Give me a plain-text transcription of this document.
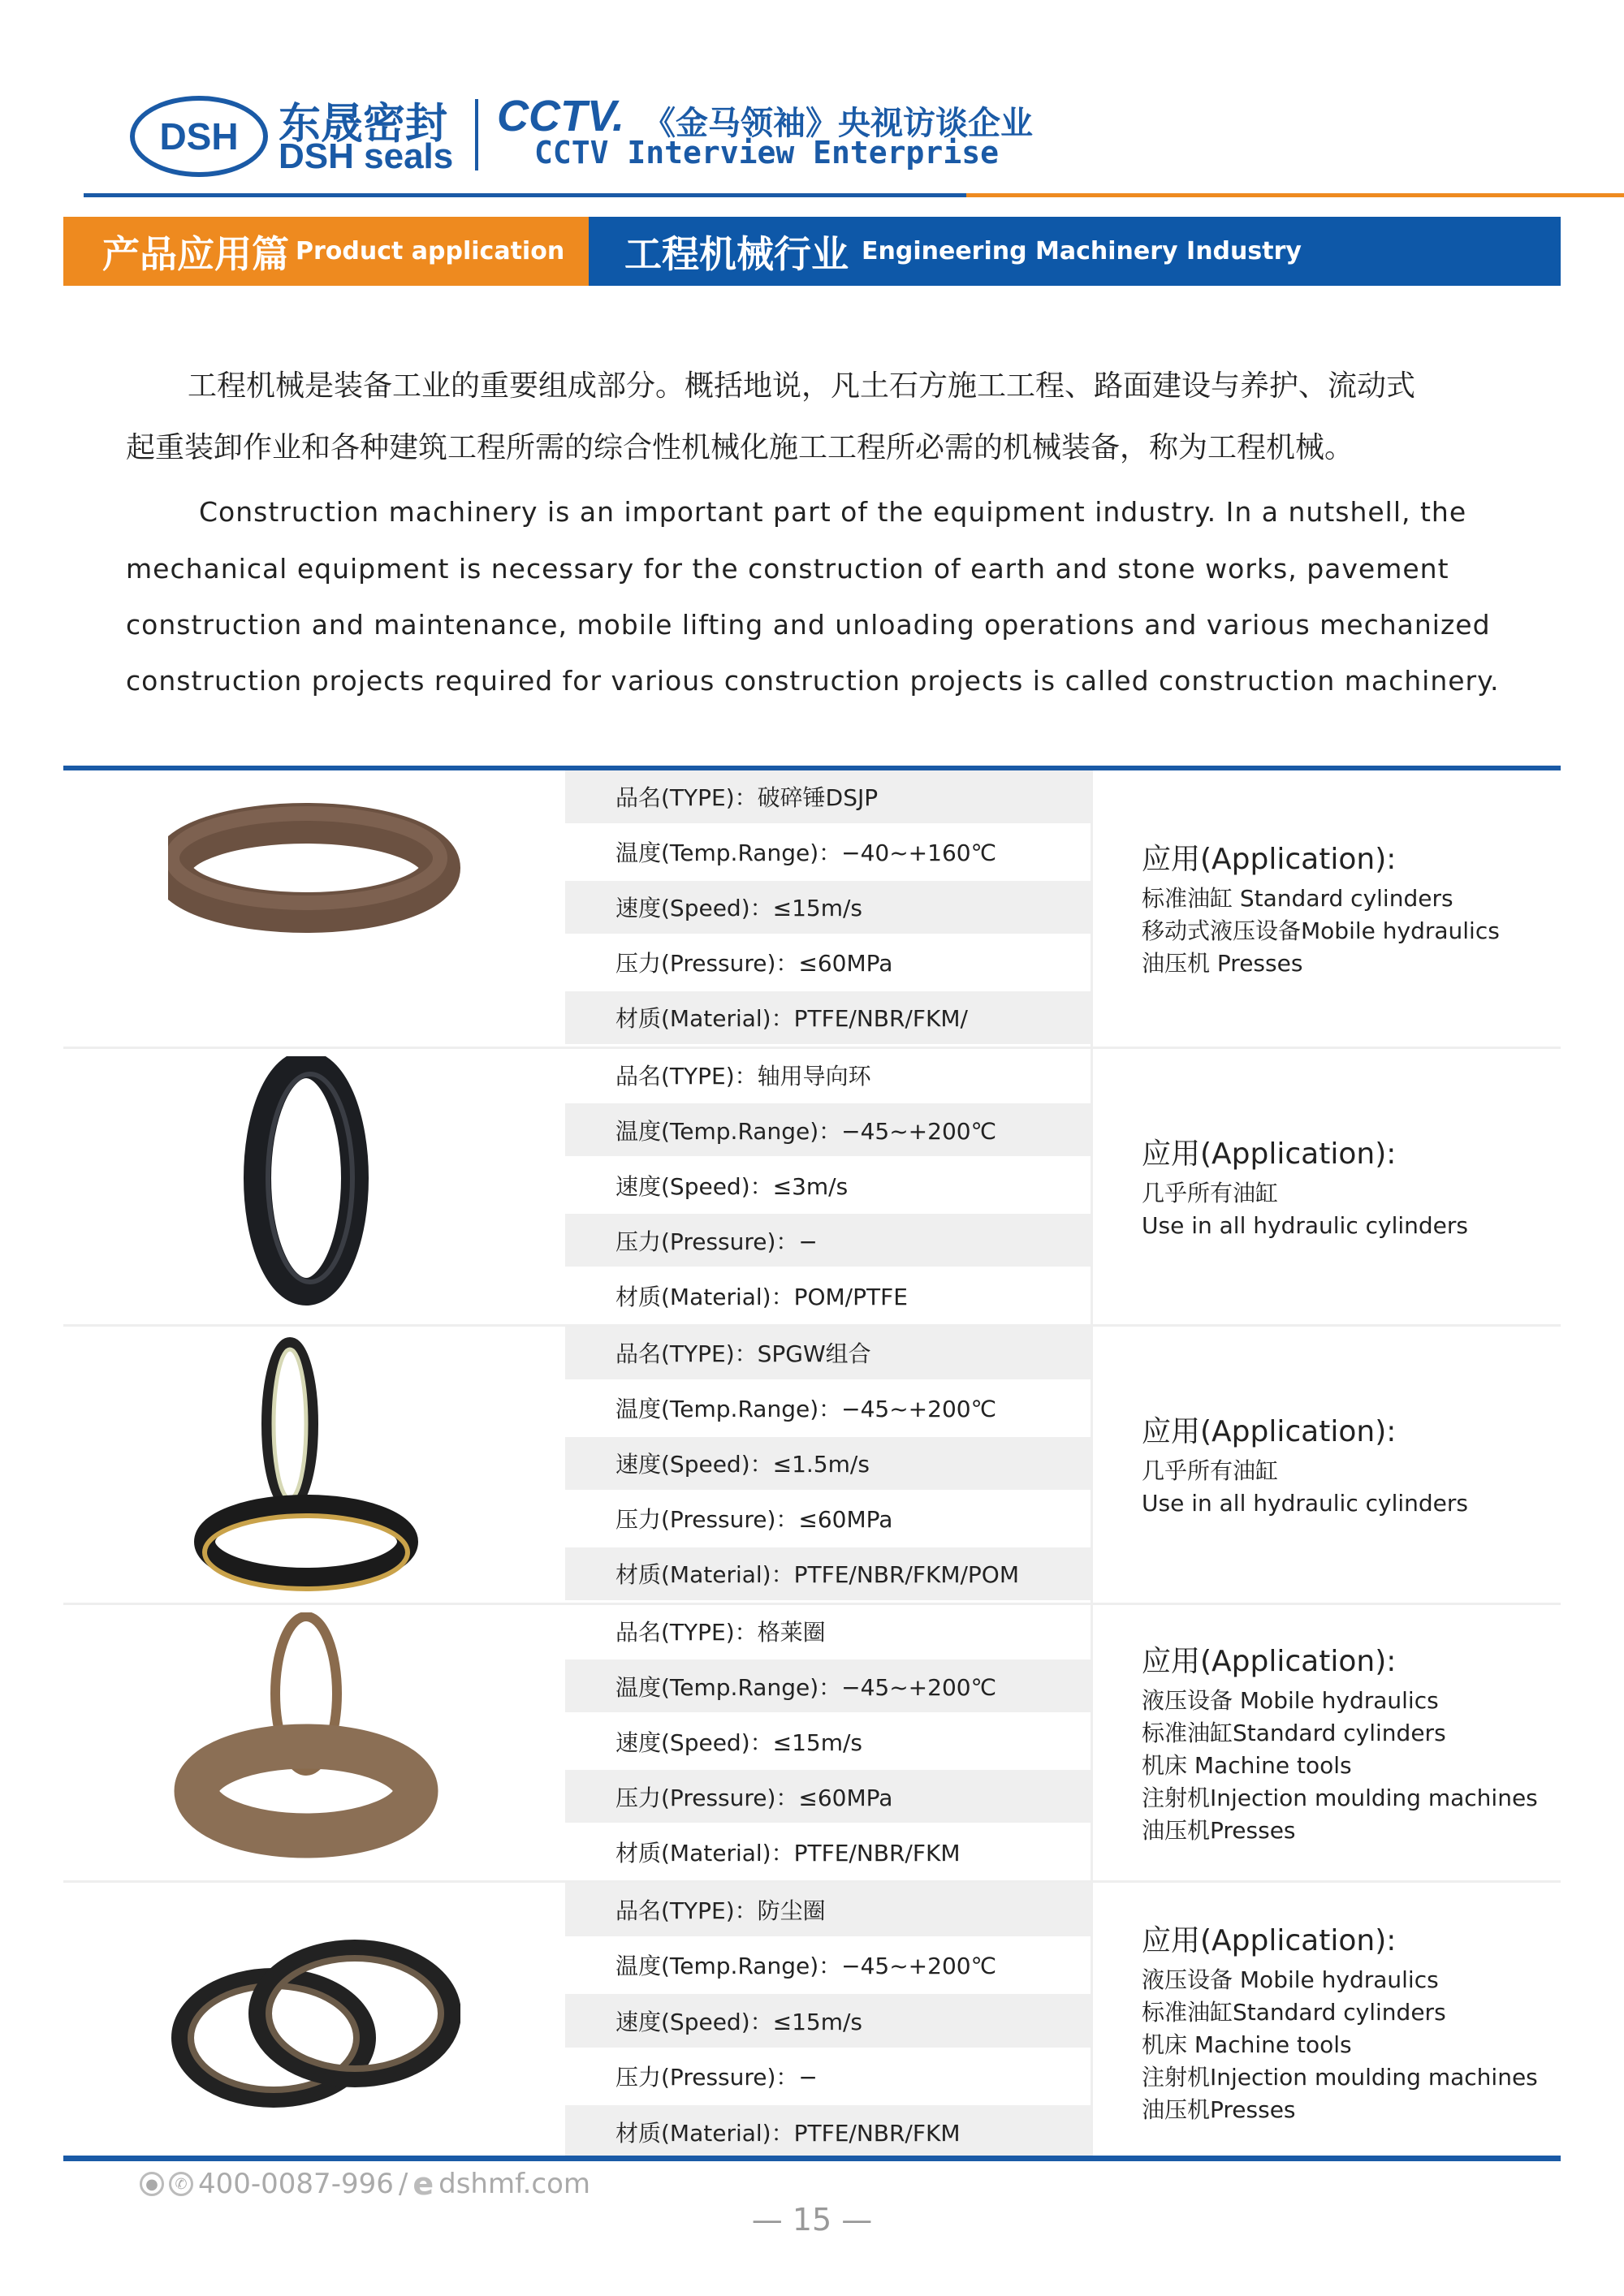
DSH 东晟密封
DSH seals
CCTV. 《金马领袖》央视访谈企业
CCTV Interview Enterprise
产品应用篇 Product application 工程机械行业 Engineering Machinery Industry
工程机械是装备工业的重要组成部分。概括地说，凡土石方施工工程、路面建设与养护、流动式
起重装卸作业和各种建筑工程所需的综合性机械化施工工程所必需的机械装备，称为工程机械。
Construction machinery is an important part of the equipment industry. In a nutshell, the
mechanical equipment is necessary for the construction of earth and stone works, pavement
construction and maintenance, mobile lifting and unloading operations and various mechanized
construction projects required for various construction projects is called construction machinery.
品名(TYPE)：破碎锤DSJP
温度(Temp.Range)：−40~+160℃
速度(Speed)：≤15m/s
压力(Pressure)：≤60MPa
材质(Material)：PTFE/NBR/FKM/
应用(Application):
标准油缸 Standard cylinders
移动式液压设备Mobile hydraulics
油压机 Presses
品名(TYPE)：轴用导向环
温度(Temp.Range)：−45~+200℃
速度(Speed)：≤3m/s
压力(Pressure)：−
材质(Material)：POM/PTFE
应用(Application):
几乎所有油缸
Use in all hydraulic cylinders
品名(TYPE)：SPGW组合
温度(Temp.Range)：−45~+200℃
速度(Speed)：≤1.5m/s
压力(Pressure)：≤60MPa
材质(Material)：PTFE/NBR/FKM/POM
应用(Application):
几乎所有油缸
Use in all hydraulic cylinders
品名(TYPE)：格莱圈
温度(Temp.Range)：−45~+200℃
速度(Speed)：≤15m/s
压力(Pressure)：≤60MPa
材质(Material)：PTFE/NBR/FKM
应用(Application):
液压设备 Mobile hydraulics
标准油缸Standard cylinders
机床 Machine tools
注射机Injection moulding machines
油压机Presses
品名(TYPE)：防尘圈
温度(Temp.Range)：−45~+200℃
速度(Speed)：≤15m/s
压力(Pressure)：−
材质(Material)：PTFE/NBR/FKM
应用(Application):
液压设备 Mobile hydraulics
标准油缸Standard cylinders
机床 Machine tools
注射机Injection moulding machines
油压机Presses
●	✆ 400-0087-996 / e dshmf.com
— 15 —
